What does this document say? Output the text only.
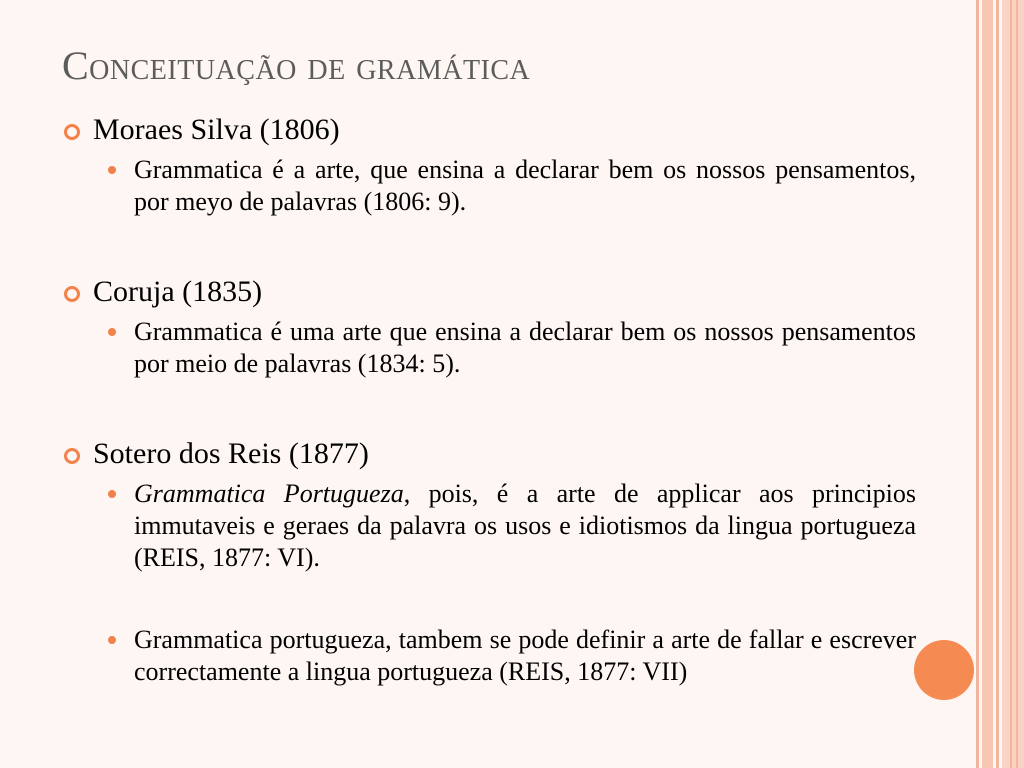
Conceituação de gramática
Moraes Silva (1806)
Grammatica é a arte, que ensina a declarar bem os nossos pensamentos, por meyo de palavras (1806: 9).
Coruja (1835)
Grammatica é uma arte que ensina a declarar bem os nossos pensamentos por meio de palavras (1834: 5).
Sotero dos Reis (1877)
Grammatica Portugueza, pois, é a arte de applicar aos principios immutaveis e geraes da palavra os usos e idiotismos da lingua portugueza (REIS, 1877: VI).
Grammatica portugueza, tambem se pode definir a arte de fallar e escrever correctamente a lingua portugueza (REIS, 1877: VII)
